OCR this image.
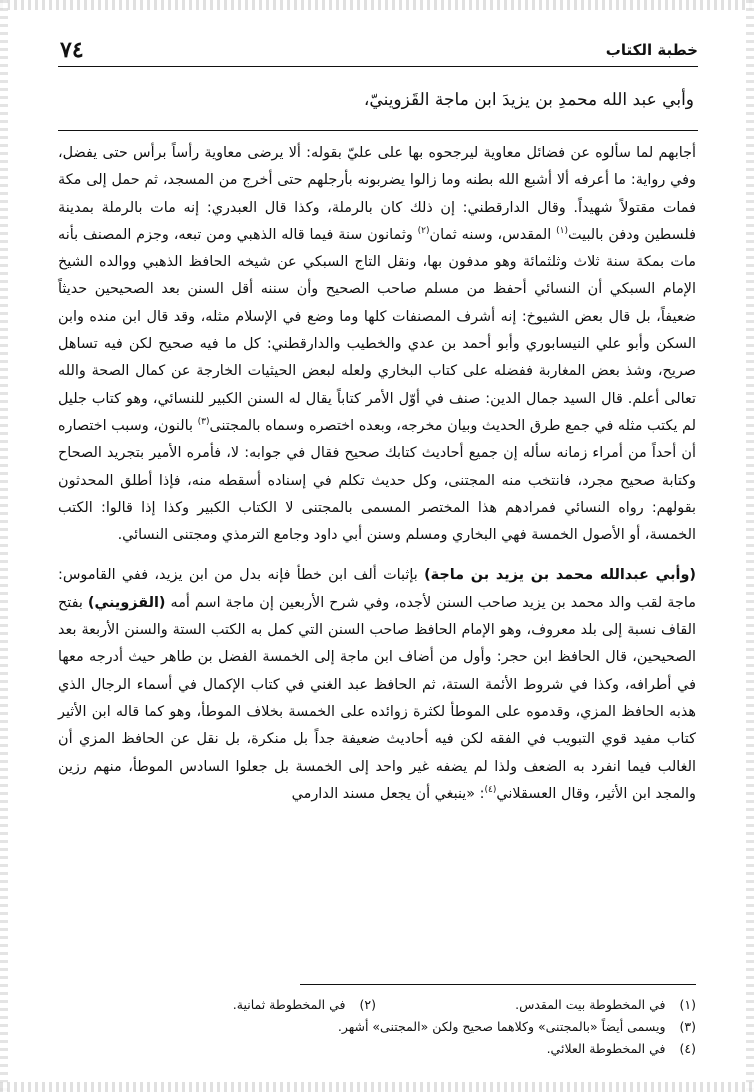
٧٤	خطبة الكتاب
وأبي عبد الله محمدِ بن يزيدَ ابن ماجة القَزوينيّ،

أجابهم لما سألوه عن فضائل معاوية ليرجحوه بها على عليّ بقوله: ألا يرضى معاوية رأساً برأس حتى يفضل، وفي رواية: ما أعرفه ألا أشبع الله بطنه وما زالوا يضربونه بأرجلهم حتى أخرج من المسجد، ثم حمل إلى مكة فمات مقتولاً شهيداً. وقال الدارقطني: إن ذلك كان بالرملة، وكذا قال العبدري: إنه مات بالرملة بمدينة فلسطين ودفن بالبيت$^{(١)}$ المقدس، وسنه ثمان$^{(٢)}$ وثمانون سنة فيما قاله الذهبي ومن تبعه، وجزم المصنف بأنه مات بمكة سنة ثلاث وثلثمائة وهو مدفون بها، ونقل التاج السبكي عن شيخه الحافظ الذهبي ووالده الشيخ الإمام السبكي أن النسائي أحفظ من مسلم صاحب الصحيح وأن سننه أقل السنن بعد الصحيحين حديثاً ضعيفاً، بل قال بعض الشيوخ: إنه أشرف المصنفات كلها وما وضع في الإسلام مثله، وقد قال ابن منده وابن السكن وأبو علي النيسابوري وأبو أحمد بن عدي والخطيب والدارقطني: كل ما فيه صحيح لكن فيه تساهل صريح، وشذ بعض المغاربة ففضله على كتاب البخاري ولعله لبعض الحيثيات الخارجة عن كمال الصحة والله تعالى أعلم. قال السيد جمال الدين: صنف في أوّل الأمر كتاباً يقال له السنن الكبير للنسائي، وهو كتاب جليل لم يكتب مثله في جمع طرق الحديث وبيان مخرجه، وبعده اختصره وسماه بالمجتنى$^{(٣)}$ بالنون، وسبب اختصاره أن أحداً من أمراء زمانه سأله إن جميع أحاديث كتابك صحيح فقال في جوابه: لا، فأمره الأمير بتجريد الصحاح وكتابة صحيح مجرد، فانتخب منه المجتنى، وكل حديث تكلم في إسناده أسقطه منه، فإذا أطلق المحدثون بقولهم: رواه النسائي فمرادهم هذا المختصر المسمى بالمجتنى لا الكتاب الكبير وكذا إذا قالوا: الكتب الخمسة، أو الأصول الخمسة فهي البخاري ومسلم وسنن أبي داود وجامع الترمذي ومجتنى النسائي.

(وأبي عبدالله محمد بن يزيد بن ماجة) بإثبات ألف ابن خطأ فإنه بدل من ابن يزيد، ففي القاموس: ماجة لقب والد محمد بن يزيد صاحب السنن لأجده، وفي شرح الأربعين إن ماجة اسم أمه (القزويني) بفتح القاف نسبة إلى بلد معروف، وهو الإمام الحافظ صاحب السنن التي كمل به الكتب الستة والسنن الأربعة بعد الصحيحين، قال الحافظ ابن حجر: وأول من أضاف ابن ماجة إلى الخمسة الفضل بن طاهر حيث أدرجه معها في أطرافه، وكذا في شروط الأئمة الستة، ثم الحافظ عبد الغني في كتاب الإكمال في أسماء الرجال الذي هذبه الحافظ المزي، وقدموه على الموطأ لكثرة زوائده على الخمسة بخلاف الموطأ، وهو كما قاله ابن الأثير كتاب مفيد قوي التبويب في الفقه لكن فيه أحاديث ضعيفة جداً بل منكرة، بل نقل عن الحافظ المزي أن الغالب فيما انفرد به الضعف ولذا لم يضفه غير واحد إلى الخمسة بل جعلوا السادس الموطأ، منهم رزين والمجد ابن الأثير، وقال العسقلاني$^{(٤)}$: «ينبغي أن يجعل مسند الدارمي

(١)
في المخطوطة بيت المقدس.
(٢)
في المخطوطة ثمانية.
(٣)
ويسمى أيضاً «بالمجتنى» وكلاهما صحيح ولكن «المجتنى» أشهر.
(٤)
في المخطوطة العلائي.
